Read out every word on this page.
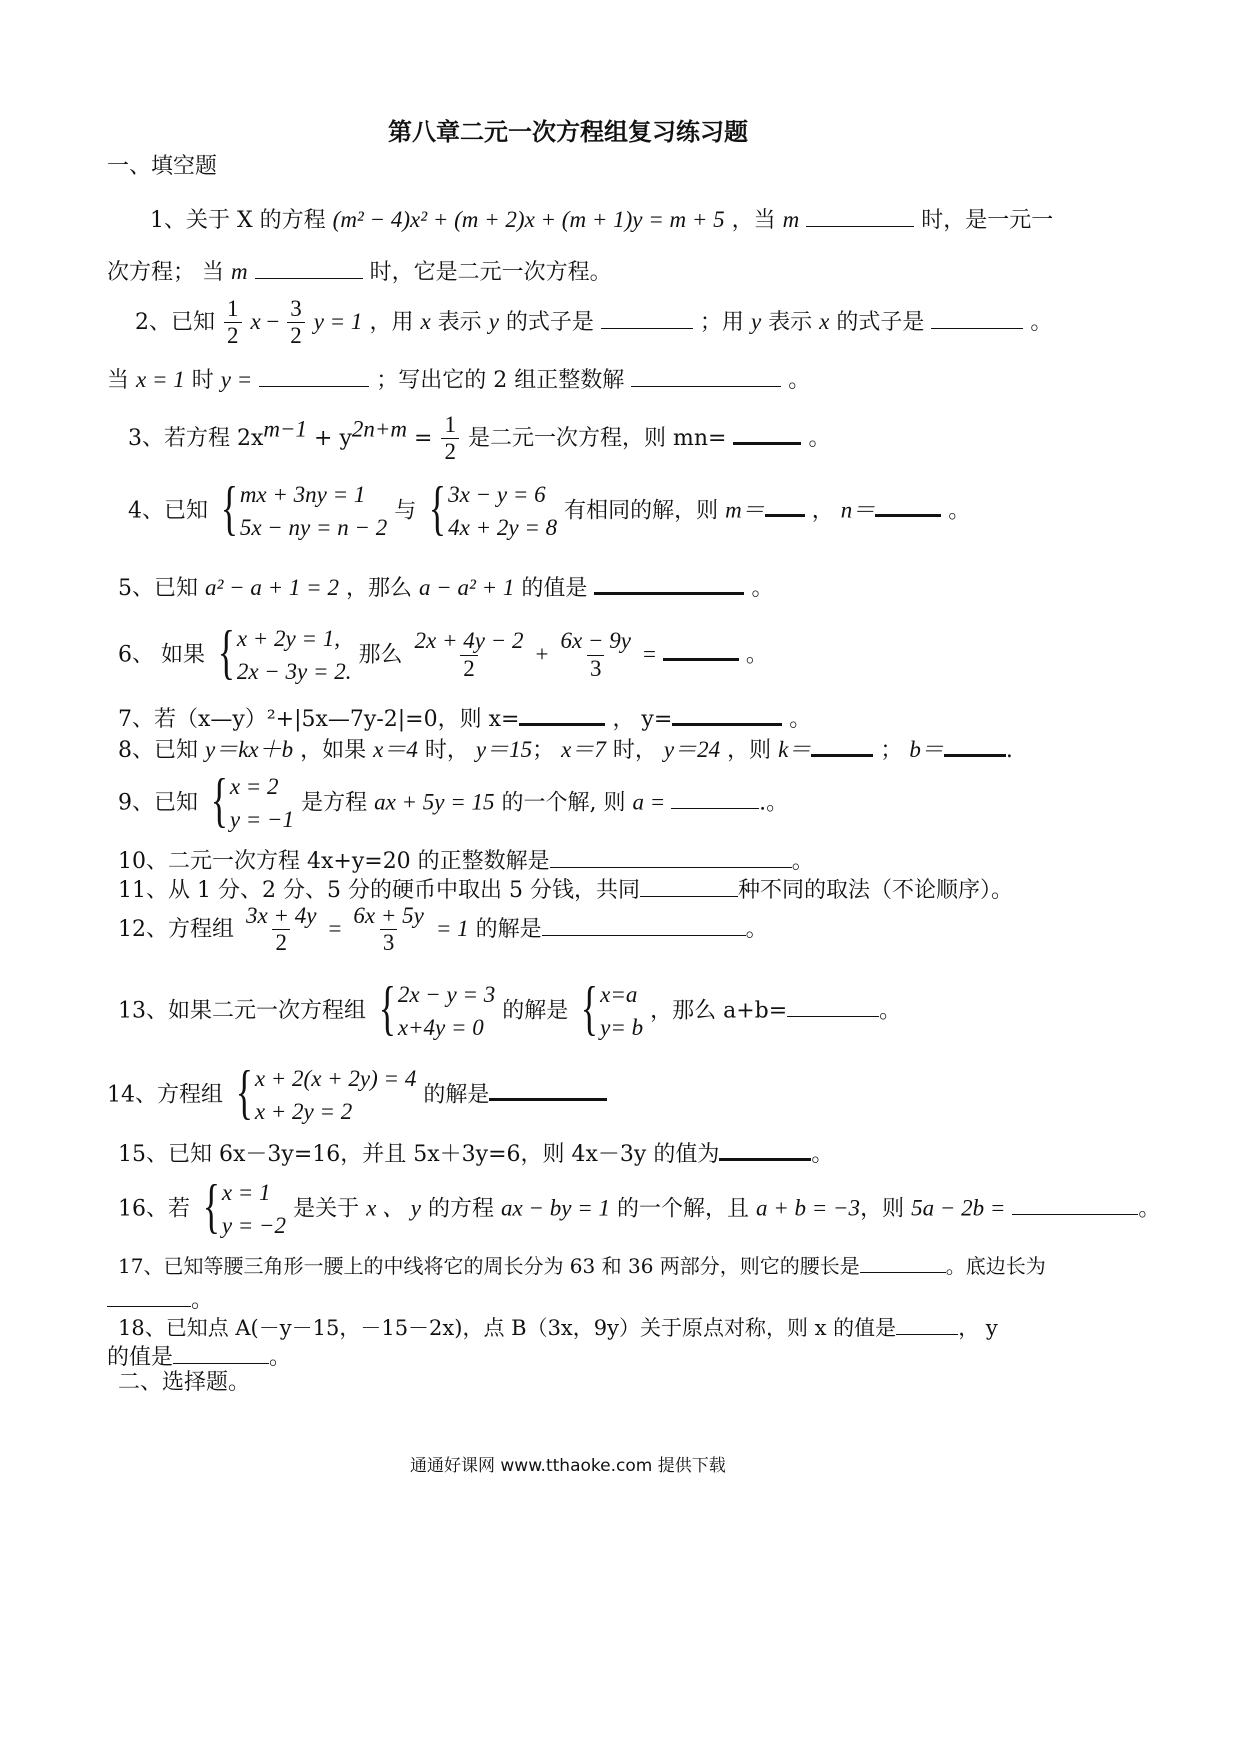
第八章二元一次方程组复习练习题
一、填空题
1、关于 X 的方程 (m² − 4)x² + (m + 2)x + (m + 1)y = m + 5 ，当 m	时，是一元一
次方程； 当 m	时，它是二元一次方程。
2、已知 $\frac{1}{2}$ $x - \frac{3}{2}$ y = 1 ，用 x 表示 y 的式子是	；用 y 表示 x 的式子是	。
当 x = 1 时 y =	；写出它的 2 组正整数解	。
3、若方程 $2x^{m-1} + y^{2n+m} = \frac{1}{2}$ 是二元一次方程，则 mn=	。
4、已知 { mx + 3ny = 1
5x − ny = n − 2
与 { 3x − y = 6
4x + 2y = 8
有相同的解，则 m＝ ， n＝	。
5、已知 a² − a + 1 = 2 ，那么 a − a² + 1 的值是	。
6、 如果 { x + 2y = 1,
2x − 3y = 2.
那么 $\frac{2x + 4y - 2}{2} + \frac{6x - 9y}{3}$ =	。
7、若（x—y）²+|5x—7y-2|=0，则 x=	， y=	。
8、已知 y＝kx＋b ，如果 x＝4 时， y＝15； x＝7 时， y＝24 ，则 k＝	； b＝	.
9、已知 { x = 2
y = −1
是方程 ax + 5y = 15 的一个解, 则 a =	.。
10、二元一次方程 4x+y=20 的正整数解是	。
11、从 1 分、2 分、5 分的硬币中取出 5 分钱，共同	种不同的取法（不论顺序）。
12、方程组 $\frac{3x + 4y}{2} = \frac{6x + 5y}{3} = 1$ 的解是	。
13、如果二元一次方程组 { 2x − y = 3
x+4y = 0
的解是 { x=a
y= b
，那么 a+b=	。
14、方程组 { x + 2(x + 2y) = 4
x + 2y = 2
的解是
15、已知 6x－3y=16，并且 5x＋3y=6，则 4x－3y 的值为	。
16、若 { x = 1
y = −2
是关于 x 、 y 的方程 ax − by = 1 的一个解，且 a + b = −3，则 5a − 2b =	。
17、已知等腰三角形一腰上的中线将它的周长分为 63 和 36 两部分，则它的腰长是	。底边长为
。
18、已知点 A(－y－15，－15－2x)，点 B（3x，9y）关于原点对称，则 x 的值是	， y
的值是	。
二、选择题。
通通好课网 www.tthaoke.com 提供下载
